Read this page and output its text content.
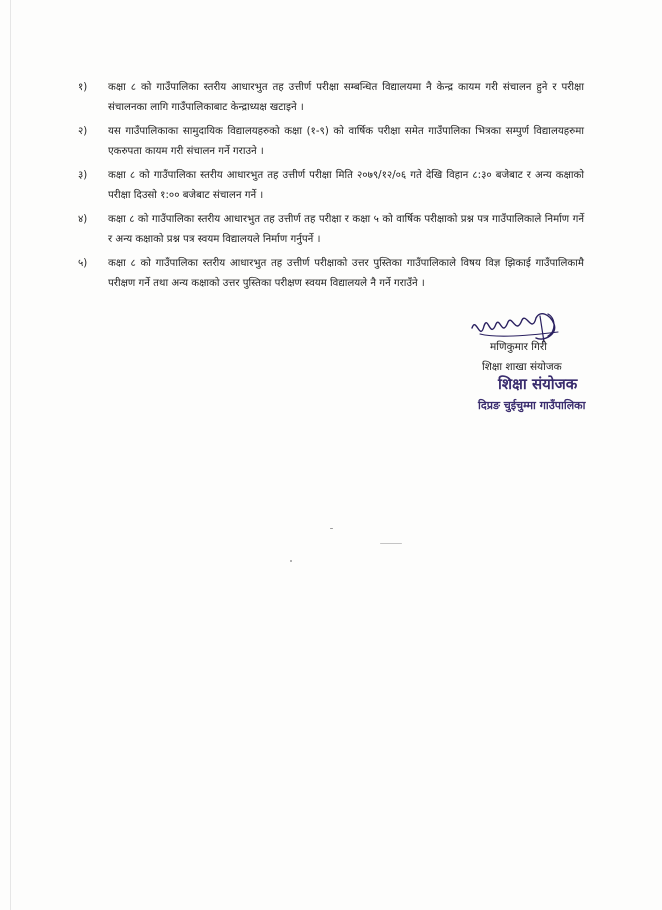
१)	कक्षा ८ को गाउँपालिका स्तरीय आधारभुत तह उत्तीर्ण परीक्षा सम्बन्धित विद्यालयमा नै केन्द्र कायम गरी संचालन हुने र परीक्षा संचालनका लागि गाउँपालिकाबाट केन्द्राध्यक्ष खटाइने ।
२)	यस गाउँपालिकाका सामुदायिक विद्यालयहरुको कक्षा (१-९) को वार्षिक परीक्षा समेत गाउँपालिका भित्रका सम्पुर्ण विद्यालयहरुमा एकरुपता कायम गरी संचालन गर्ने गराउने ।
३)	कक्षा ८ को गाउँपालिका स्तरीय आधारभुत तह उत्तीर्ण परीक्षा मिति २०७९/१२/०६ गते देखि विहान ८:३० बजेबाट र अन्य कक्षाको परीक्षा दिउसो १:०० बजेबाट संचालन गर्ने ।
४)	कक्षा ८ को गाउँपालिका स्तरीय आधारभुत तह उत्तीर्ण तह परीक्षा र कक्षा ५ को वार्षिक परीक्षाको प्रश्न पत्र गाउँपालिकाले निर्माण गर्ने र अन्य कक्षाको प्रश्न पत्र स्वयम विद्यालयले निर्माण गर्नुपर्ने ।
५)	कक्षा ८ को गाउँपालिका स्तरीय आधारभुत तह उत्तीर्ण परीक्षाको उत्तर पुस्तिका गाउँपालिकाले विषय विज्ञ झिकाई गाउँपालिकामै परीक्षण गर्ने तथा अन्य कक्षाको उत्तर पुस्तिका परीक्षण स्वयम विद्यालयले नै गर्ने गराउँने ।
मणिकुमार गिरी
शिक्षा शाखा संयोजक
शिक्षा संयोजक
दिप्रङ चुईचुम्मा गाउँपालिका
